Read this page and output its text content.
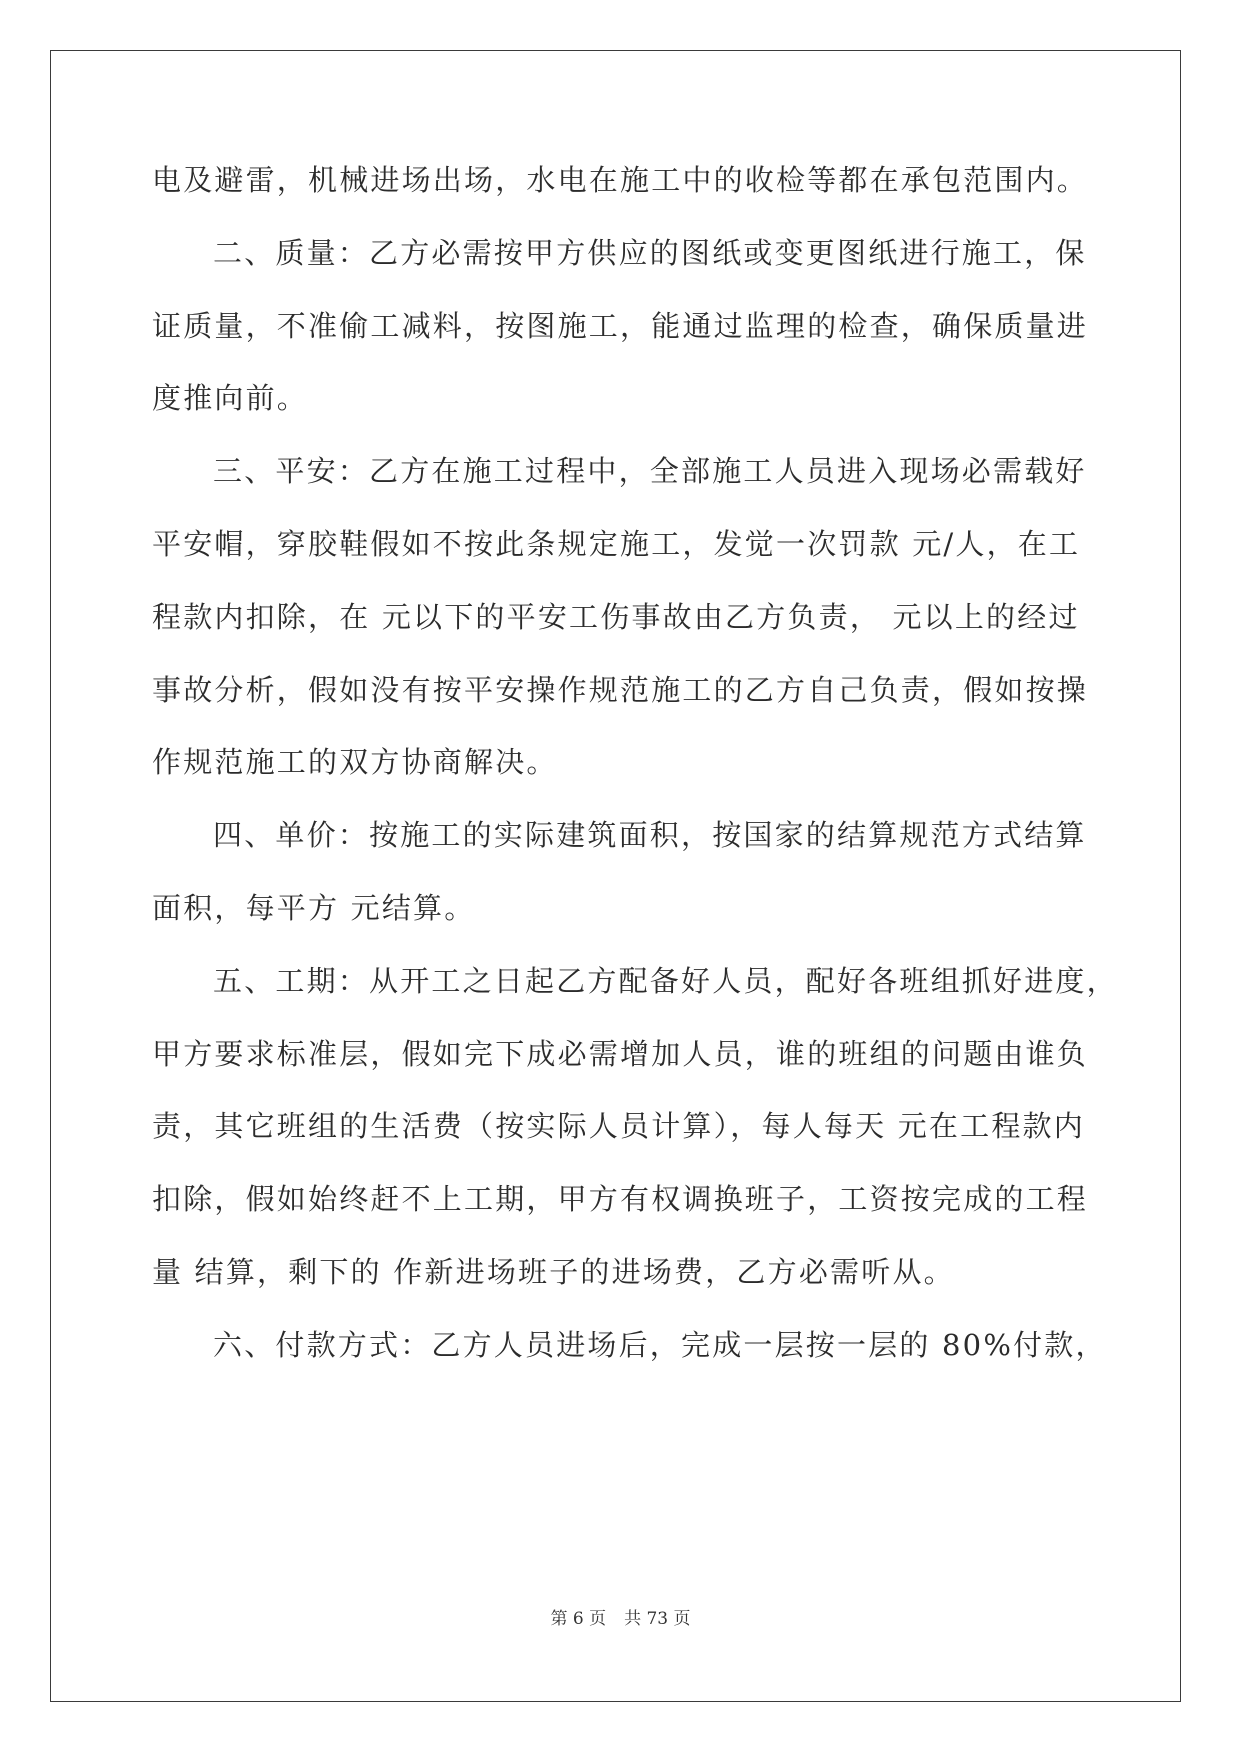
电及避雷，机械进场出场，水电在施工中的收检等都在承包范围内。
二、质量：乙方必需按甲方供应的图纸或变更图纸进行施工，保
证质量，不准偷工减料，按图施工，能通过监理的检查，确保质量进
度推向前。
三、平安：乙方在施工过程中，全部施工人员进入现场必需载好
平安帽，穿胶鞋假如不按此条规定施工，发觉一次罚款 元/人，在工
程款内扣除，在 元以下的平安工伤事故由乙方负责， 元以上的经过
事故分析，假如没有按平安操作规范施工的乙方自己负责，假如按操
作规范施工的双方协商解决。
四、单价：按施工的实际建筑面积，按国家的结算规范方式结算
面积，每平方 元结算。
五、工期：从开工之日起乙方配备好人员，配好各班组抓好进度，
甲方要求标准层，假如完下成必需增加人员，谁的班组的问题由谁负
责，其它班组的生活费（按实际人员计算），每人每天 元在工程款内
扣除，假如始终赶不上工期，甲方有权调换班子，工资按完成的工程
量 结算，剩下的 作新进场班子的进场费，乙方必需听从。
六、付款方式：乙方人员进场后，完成一层按一层的 80%付款，
第 6 页 共 73 页
